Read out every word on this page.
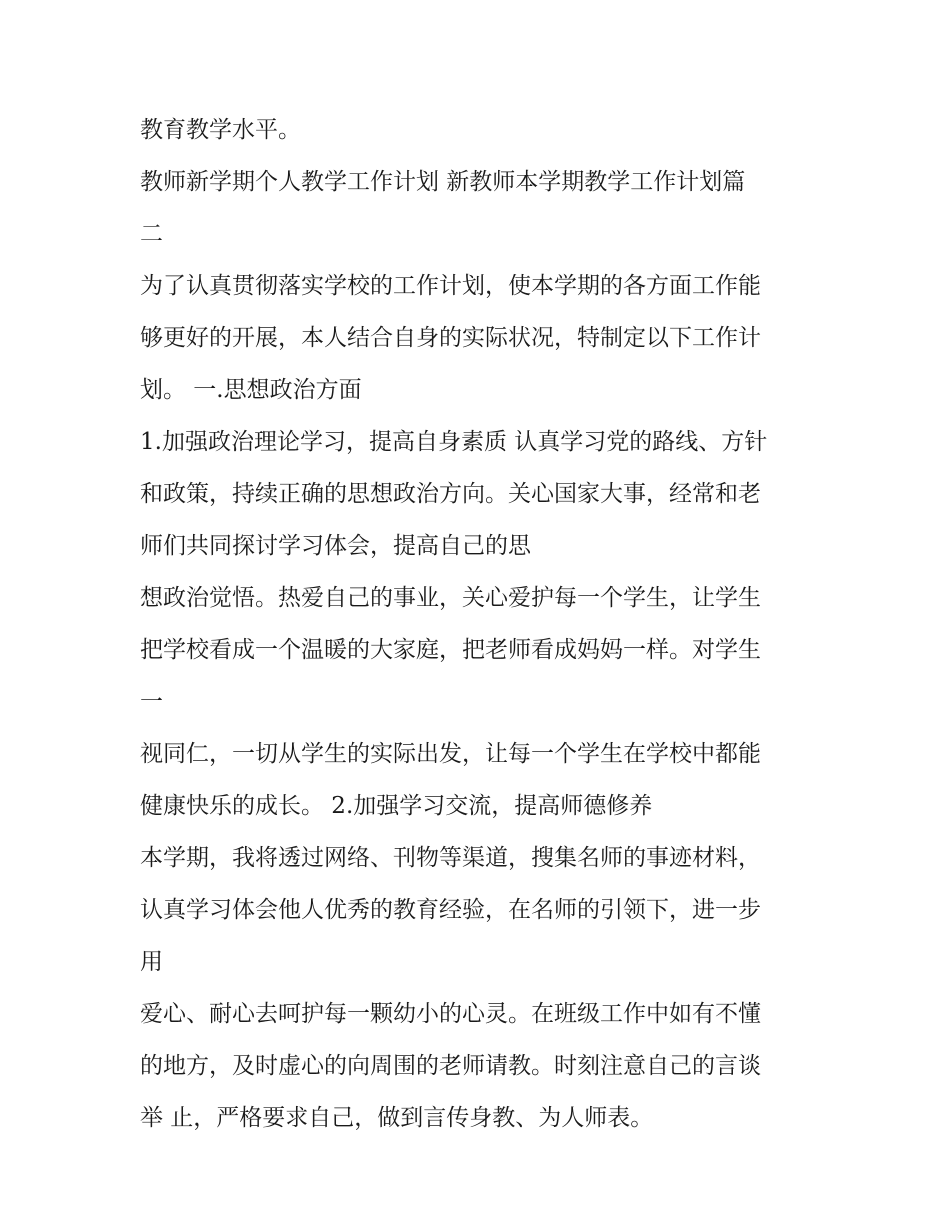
教育教学水平。
教师新学期个人教学工作计划 新教师本学期教学工作计划篇
二
为了认真贯彻落实学校的工作计划，使本学期的各方面工作能
够更好的开展，本人结合自身的实际状况，特制定以下工作计
划。 一.思想政治方面
1.加强政治理论学习，提高自身素质 认真学习党的路线、方针
和政策，持续正确的思想政治方向。关心国家大事，经常和老
师们共同探讨学习体会，提高自己的思
想政治觉悟。热爱自己的事业，关心爱护每一个学生，让学生
把学校看成一个温暖的大家庭，把老师看成妈妈一样。对学生
一
视同仁，一切从学生的实际出发，让每一个学生在学校中都能
健康快乐的成长。 2.加强学习交流，提高师德修养
本学期，我将透过网络、刊物等渠道，搜集名师的事迹材料，
认真学习体会他人优秀的教育经验，在名师的引领下，进一步
用
爱心、耐心去呵护每一颗幼小的心灵。在班级工作中如有不懂
的地方，及时虚心的向周围的老师请教。时刻注意自己的言谈
举 止，严格要求自己，做到言传身教、为人师表。
